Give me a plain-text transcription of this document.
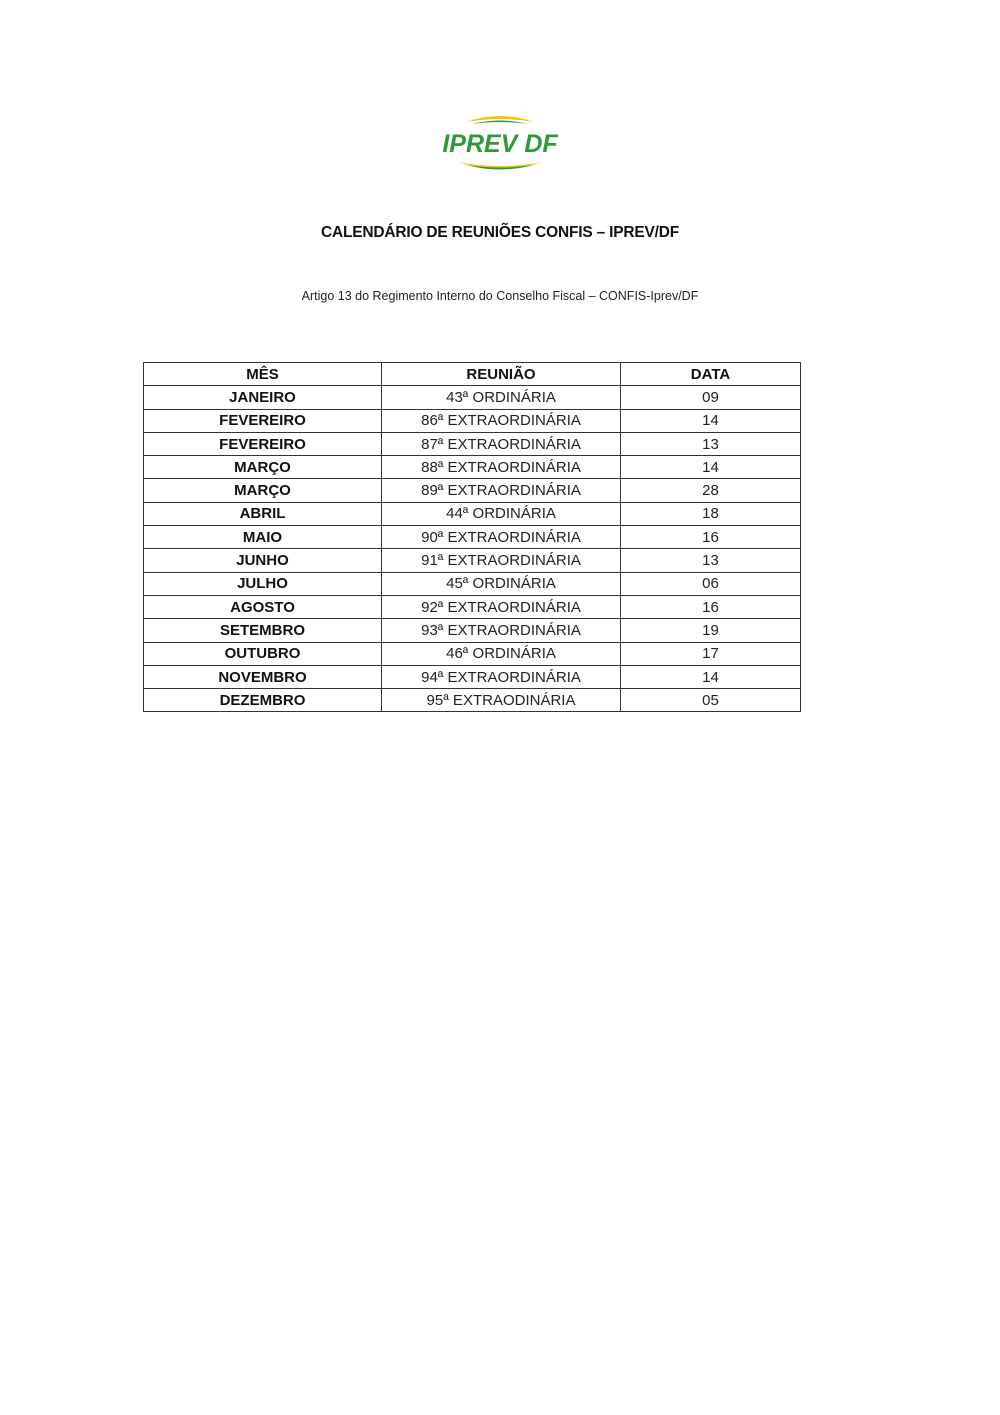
IPREV DF
CALENDÁRIO DE REUNIÕES CONFIS – IPREV/DF
Artigo 13 do Regimento Interno do Conselho Fiscal – CONFIS-Iprev/DF
MÊS	REUNIÃO	DATA
JANEIRO	43ª ORDINÁRIA	09
FEVEREIRO	86ª EXTRAORDINÁRIA	14
FEVEREIRO	87ª EXTRAORDINÁRIA	13
MARÇO	88ª EXTRAORDINÁRIA	14
MARÇO	89ª EXTRAORDINÁRIA	28
ABRIL	44ª ORDINÁRIA	18
MAIO	90ª EXTRAORDINÁRIA	16
JUNHO	91ª EXTRAORDINÁRIA	13
JULHO	45ª ORDINÁRIA	06
AGOSTO	92ª EXTRAORDINÁRIA	16
SETEMBRO	93ª EXTRAORDINÁRIA	19
OUTUBRO	46ª ORDINÁRIA	17
NOVEMBRO	94ª EXTRAORDINÁRIA	14
DEZEMBRO	95ª EXTRAODINÁRIA	05
